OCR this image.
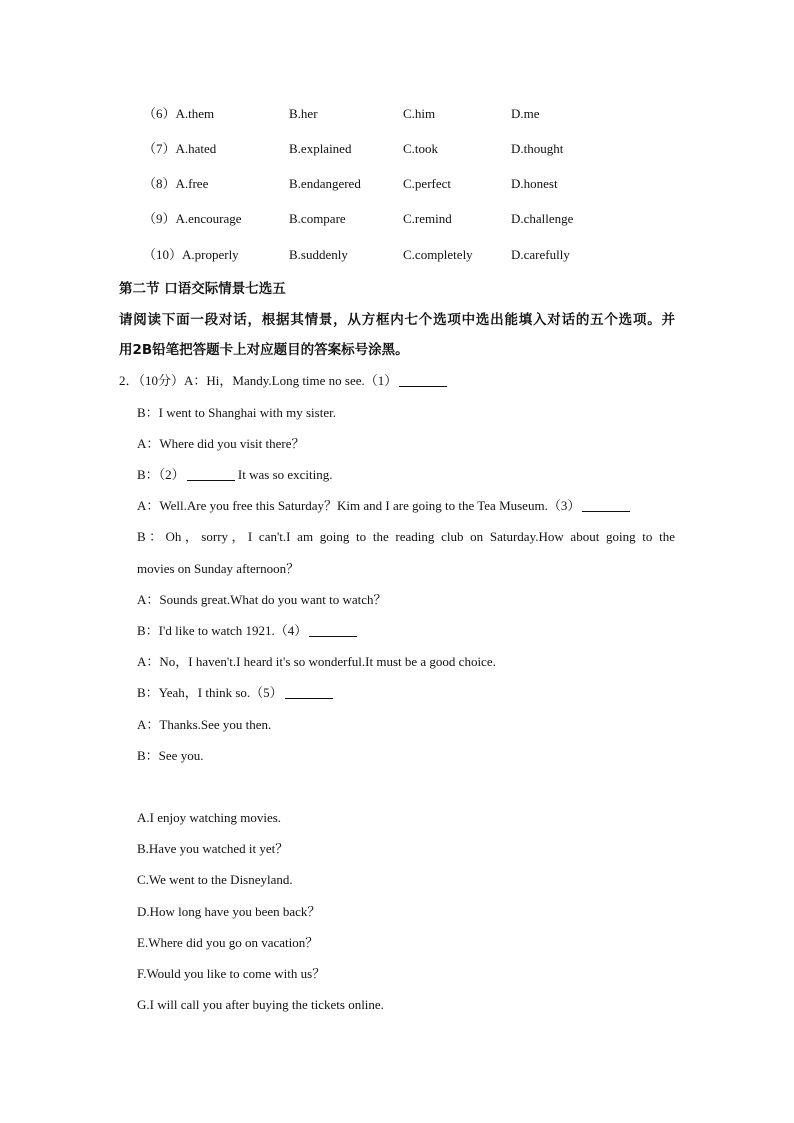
（6）A.them	B.her	C.him	D.me
（7）A.hated	B.explained	C.took	D.thought
（8）A.free	B.endangered	C.perfect	D.honest
（9）A.encourage	B.compare	C.remind	D.challenge
（10）A.properly	B.suddenly	C.completely	D.carefully
第二节 口语交际情景七选五
请阅读下面一段对话，根据其情景，从方框内七个选项中选出能填入对话的五个选项。并
用2B铅笔把答题卡上对应题目的答案标号涂黑。
2．（10分）A：Hi，Mandy.Long time no see.（1）
B：I went to Shanghai with my sister.
A：Where did you visit there？
B：（2）	It was so exciting.
A：Well.Are you free this Saturday？Kim and I are going to the Tea Museum.（3）
B：Oh，sorry，I can't.I am going to the reading club on Saturday.How about going to the
movies on Sunday afternoon？
A：Sounds great.What do you want to watch？
B：I'd like to watch 1921.（4）
A：No，I haven't.I heard it's so wonderful.It must be a good choice.
B：Yeah，I think so.（5）
A：Thanks.See you then.
B：See you.
A.I enjoy watching movies.
B.Have you watched it yet？
C.We went to the Disneyland.
D.How long have you been back？
E.Where did you go on vacation？
F.Would you like to come with us？
G.I will call you after buying the tickets online.
